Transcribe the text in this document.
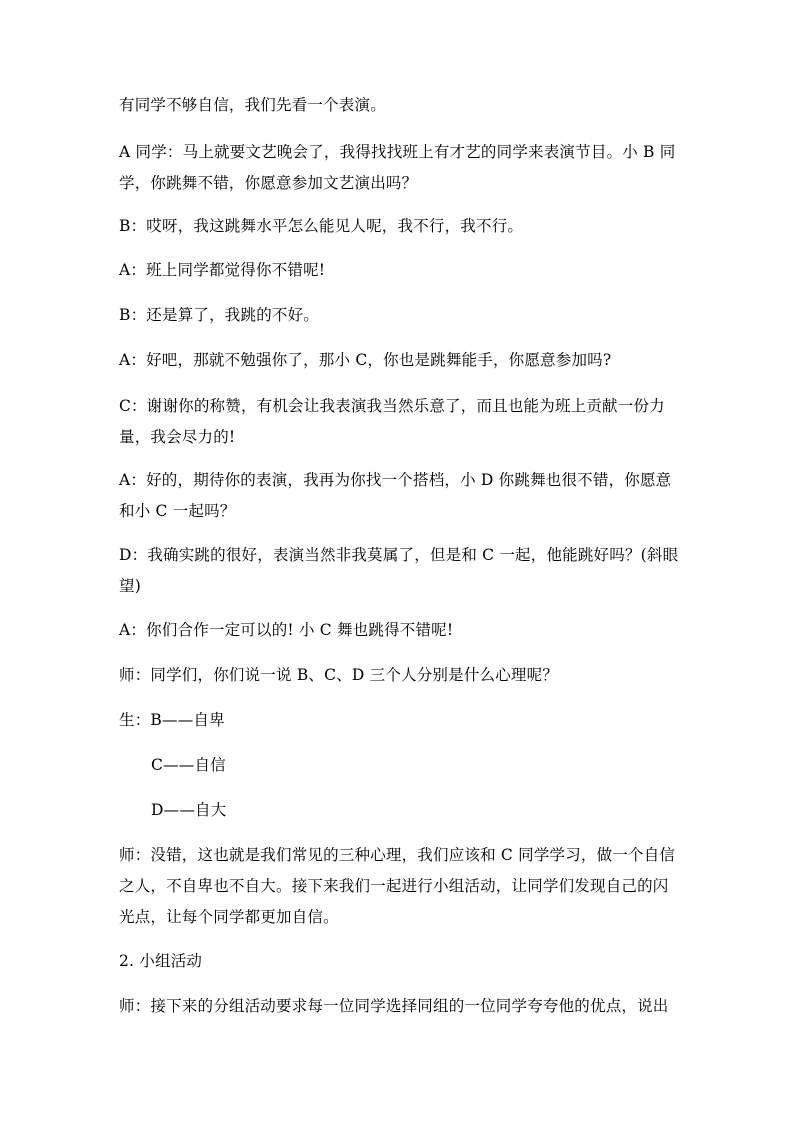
有同学不够自信，我们先看一个表演。

A 同学：马上就要文艺晚会了，我得找找班上有才艺的同学来表演节目。小 B 同学，你跳舞不错，你愿意参加文艺演出吗？

B：哎呀，我这跳舞水平怎么能见人呢，我不行，我不行。

A：班上同学都觉得你不错呢!

B：还是算了，我跳的不好。

A：好吧，那就不勉强你了，那小 C，你也是跳舞能手，你愿意参加吗?

C：谢谢你的称赞，有机会让我表演我当然乐意了，而且也能为班上贡献一份力量，我会尽力的!

A：好的，期待你的表演，我再为你找一个搭档，小 D 你跳舞也很不错，你愿意和小 C 一起吗？

D：我确实跳的很好，表演当然非我莫属了，但是和 C 一起，他能跳好吗？(斜眼望)

A：你们合作一定可以的! 小 C 舞也跳得不错呢!

师：同学们，你们说一说 B、C、D 三个人分别是什么心理呢？

生：B——自卑

C——自信

D——自大

师：没错，这也就是我们常见的三种心理，我们应该和 C 同学学习，做一个自信之人，不自卑也不自大。接下来我们一起进行小组活动，让同学们发现自己的闪光点，让每个同学都更加自信。

2. 小组活动

师：接下来的分组活动要求每一位同学选择同组的一位同学夸夸他的优点，说出
